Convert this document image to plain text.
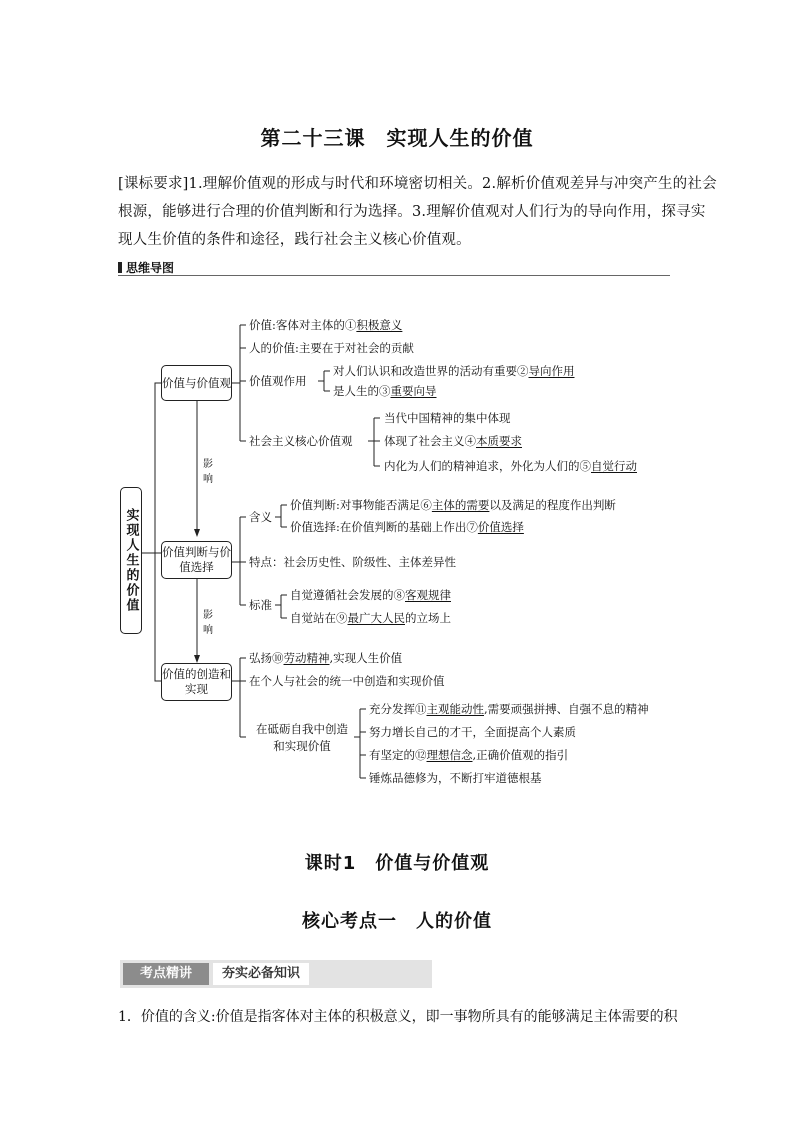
第二十三课　实现人生的价值
[课标要求]1.理解价值观的形成与时代和环境密切相关。2.解析价值观差异与冲突产生的社会
根源，能够进行合理的价值判断和行为选择。3.理解价值观对人们行为的导向作用，探寻实
现人生价值的条件和途径，践行社会主义核心价值观。
思维导图
实现人生的价值
价值与价值观
价值判断与价值选择
价值的创造和实现
影响
影响
价值:客体对主体的①积极意义
人的价值:主要在于对社会的贡献
价值观作用
对人们认识和改造世界的活动有重要②导向作用
是人生的③重要向导
社会主义核心价值观
当代中国精神的集中体现
体现了社会主义④本质要求
内化为人们的精神追求，外化为人们的⑤自觉行动
含义
价值判断:对事物能否满足⑥主体的需要以及满足的程度作出判断
价值选择:在价值判断的基础上作出⑦价值选择
特点：社会历史性、阶级性、主体差异性
标准
自觉遵循社会发展的⑧客观规律
自觉站在⑨最广大人民的立场上
弘扬⑩劳动精神,实现人生价值
在个人与社会的统一中创造和实现价值
在砥砺自我中创造和实现价值
充分发挥⑪主观能动性,需要顽强拼搏、自强不息的精神
努力增长自己的才干，全面提高个人素质
有坚定的⑫理想信念,正确价值观的指引
锤炼品德修为，不断打牢道德根基
课时1　价值与价值观
核心考点一　人的价值
考点精讲	夯实必备知识
1．价值的含义:价值是指客体对主体的积极意义，即一事物所具有的能够满足主体需要的积
